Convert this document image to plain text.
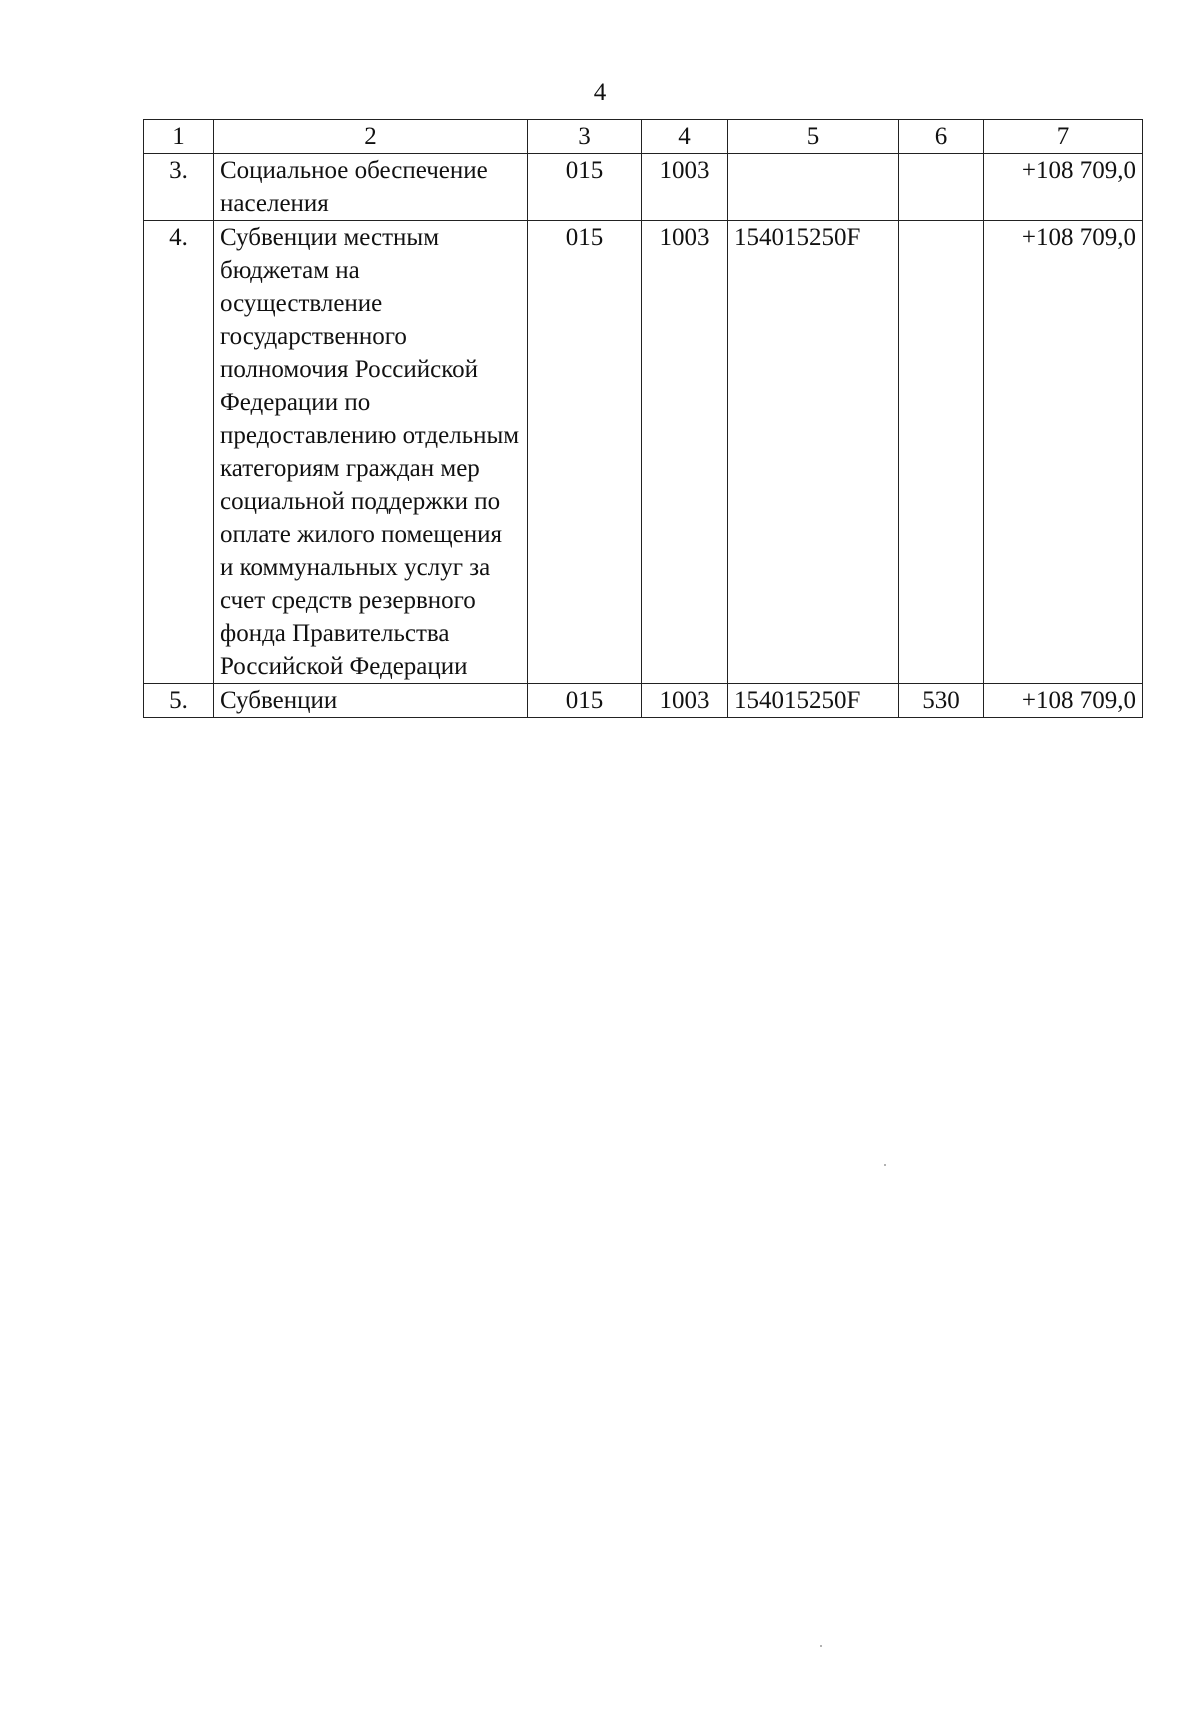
4
1	2	3	4	5	6	7
3.	Социальное обеспечение населения	015	1003			+108 709,0
4.	Субвенции местным бюджетам на осуществление государственного полномочия Российской Федерации по предоставлению отдельным категориям граждан мер социальной поддержки по оплате жилого помещения и коммунальных услуг за счет средств резервного фонда Правительства Российской Федерации	015	1003	154015250F		+108 709,0
5.	Субвенции	015	1003	154015250F	530	+108 709,0
